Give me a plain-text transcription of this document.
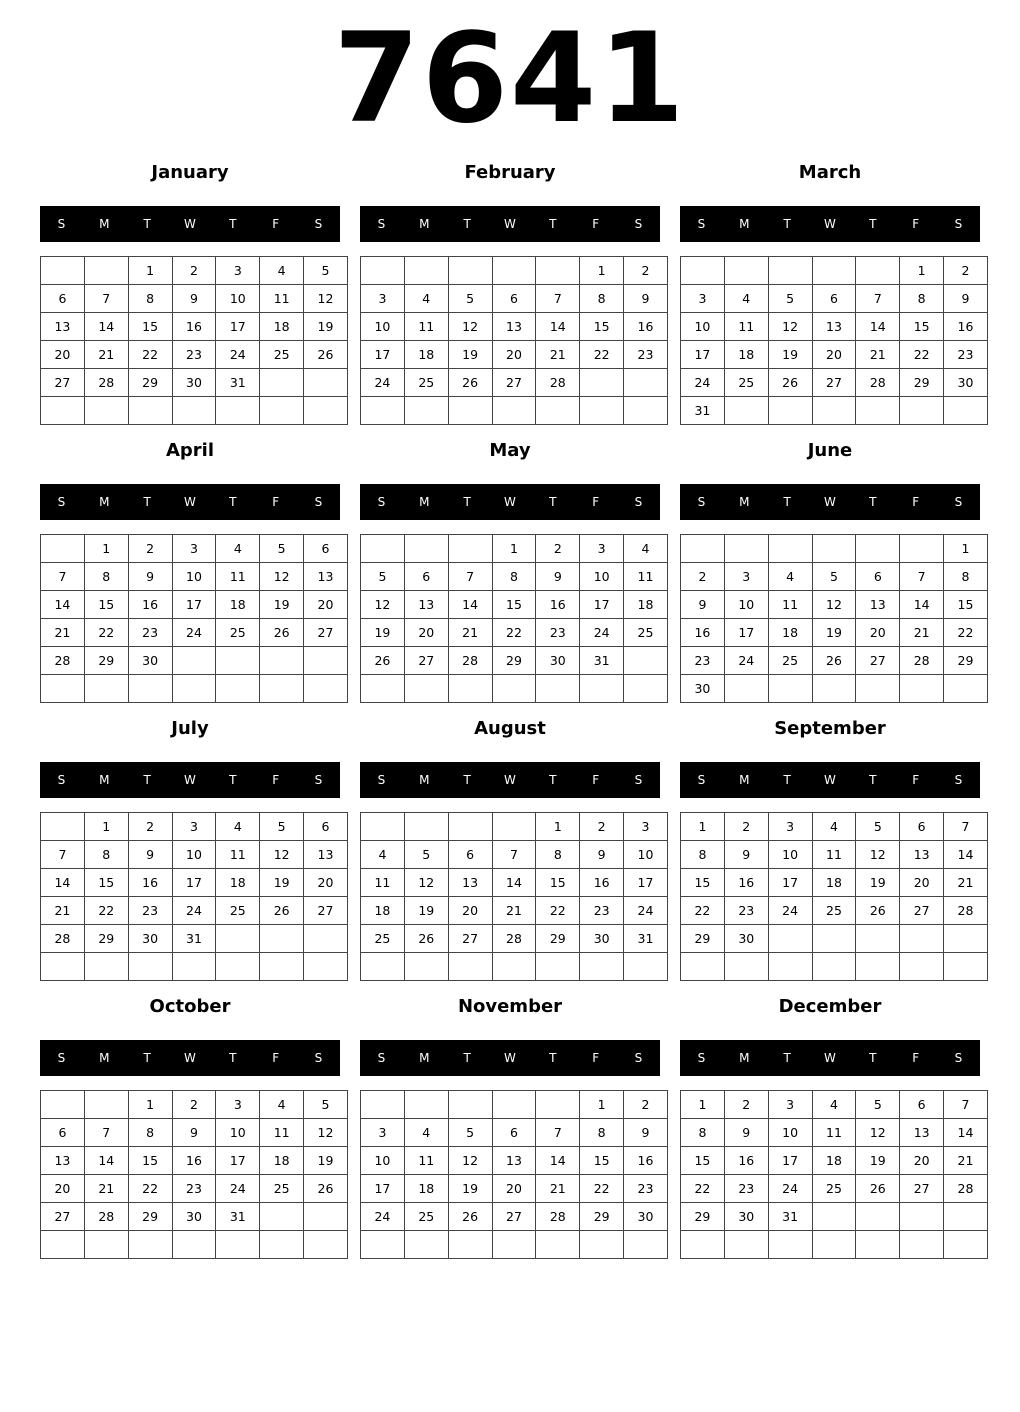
7641
January
S	M	T	W	T	F	S
		1	2	3	4	5
6	7	8	9	10	11	12
13	14	15	16	17	18	19
20	21	22	23	24	25	26
27	28	29	30	31		

February
S	M	T	W	T	F	S
					1	2
3	4	5	6	7	8	9
10	11	12	13	14	15	16
17	18	19	20	21	22	23
24	25	26	27	28		

March
S	M	T	W	T	F	S
					1	2
3	4	5	6	7	8	9
10	11	12	13	14	15	16
17	18	19	20	21	22	23
24	25	26	27	28	29	30
31						
April
S	M	T	W	T	F	S
	1	2	3	4	5	6
7	8	9	10	11	12	13
14	15	16	17	18	19	20
21	22	23	24	25	26	27
28	29	30				

May
S	M	T	W	T	F	S
			1	2	3	4
5	6	7	8	9	10	11
12	13	14	15	16	17	18
19	20	21	22	23	24	25
26	27	28	29	30	31	

June
S	M	T	W	T	F	S
						1
2	3	4	5	6	7	8
9	10	11	12	13	14	15
16	17	18	19	20	21	22
23	24	25	26	27	28	29
30						
July
S	M	T	W	T	F	S
	1	2	3	4	5	6
7	8	9	10	11	12	13
14	15	16	17	18	19	20
21	22	23	24	25	26	27
28	29	30	31			

August
S	M	T	W	T	F	S
				1	2	3
4	5	6	7	8	9	10
11	12	13	14	15	16	17
18	19	20	21	22	23	24
25	26	27	28	29	30	31

September
S	M	T	W	T	F	S
1	2	3	4	5	6	7
8	9	10	11	12	13	14
15	16	17	18	19	20	21
22	23	24	25	26	27	28
29	30					

October
S	M	T	W	T	F	S
		1	2	3	4	5
6	7	8	9	10	11	12
13	14	15	16	17	18	19
20	21	22	23	24	25	26
27	28	29	30	31		

November
S	M	T	W	T	F	S
					1	2
3	4	5	6	7	8	9
10	11	12	13	14	15	16
17	18	19	20	21	22	23
24	25	26	27	28	29	30

December
S	M	T	W	T	F	S
1	2	3	4	5	6	7
8	9	10	11	12	13	14
15	16	17	18	19	20	21
22	23	24	25	26	27	28
29	30	31				
